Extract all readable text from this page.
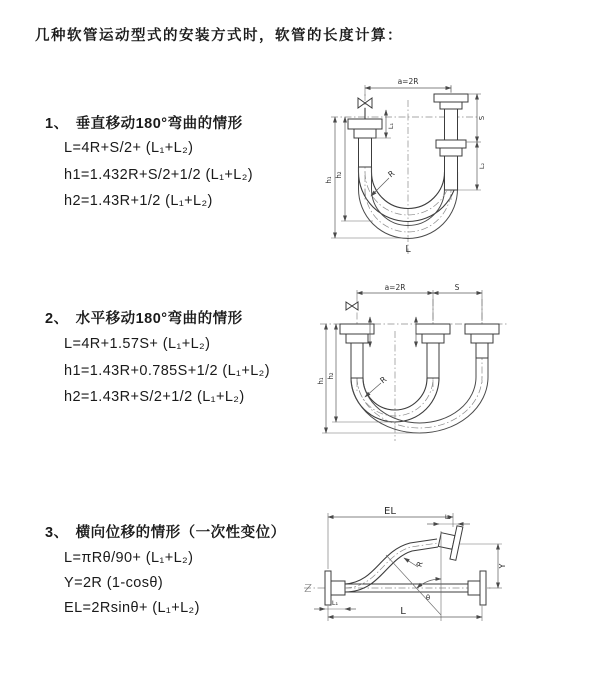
几种软管运动型式的安装方式时，软管的长度计算：
1、 垂直移动180°弯曲的情形
L=4R+S/2+ (L₁+L₂)
h1=1.432R+S/2+1/2 (L₁+L₂)
h2=1.43R+1/2 (L₁+L₂)
a=2R
h₁
h₂
L₁
S
L₂
R
L
2、 水平移动180°弯曲的情形
L=4R+1.57S+ (L₁+L₂)
h1=1.43R+0.785S+1/2 (L₁+L₂)
h2=1.43R+S/2+1/2 (L₁+L₂)
a=2R	S
h₁
h₂	R
3、 横向位移的情形（一次性变位）
L=πRθ/90+ (L₁+L₂)
Y=2R (1-cosθ)
EL=2Rsinθ+ (L₁+L₂)
θ
EL	L₂
Y
R
L
L₁
